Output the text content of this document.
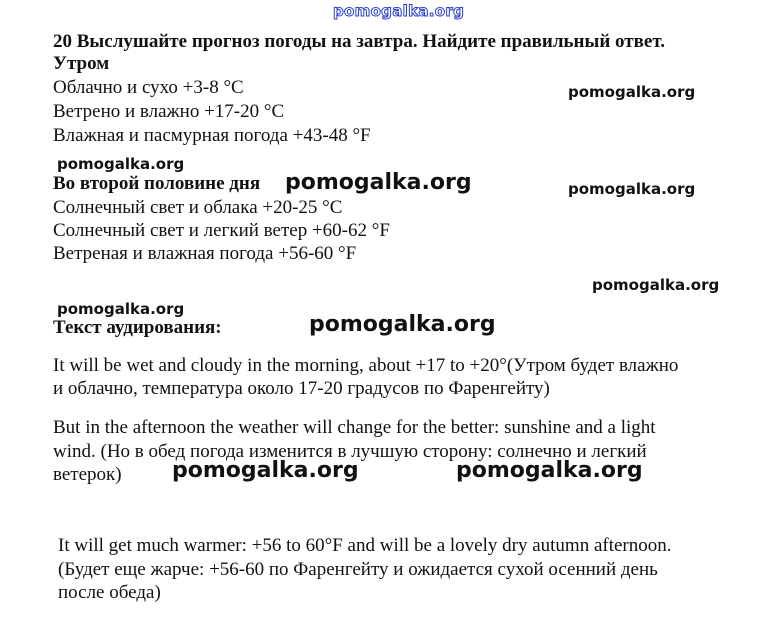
pomogalka.org
20 Выслушайте прогноз погоды на завтра. Найдите правильный ответ.
Утром
Облачно и сухо +3-8 °C
Ветрено и влажно +17-20 °C
Влажная и пасмурная погода +43-48 °F
pomogalka.org
pomogalka.org
Во второй половине дня pomogalka.org	pomogalka.org
Солнечный свет и облака +20-25 °C
Солнечный свет и легкий ветер +60-62 °F
Ветреная и влажная погода +56-60 °F
pomogalka.org
pomogalka.org
Текст аудирования:	pomogalka.org
It will be wet and cloudy in the morning, about +17 to +20°(Утром будет влажно
и облачно, температура около 17-20 градусов по Фаренгейту)
But in the afternoon the weather will change for the better: sunshine and a light
wind. (Но в обед погода изменится в лучшую сторону: солнечно и легкий
ветерок) pomogalka.org	pomogalka.org
It will get much warmer: +56 to 60°F and will be a lovely dry autumn afternoon.
(Будет еще жарче: +56-60 по Фаренгейту и ожидается сухой осенний день
после обеда)
